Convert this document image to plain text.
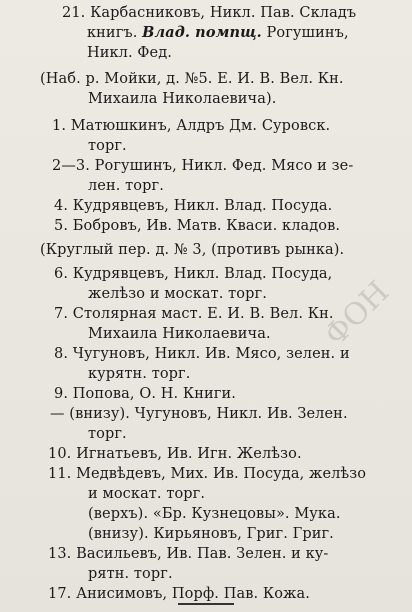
21. Карбасниковъ, Никл. Пав. Складъ
книгъ. Влад. помпщ. Рогушинъ,
Никл. Фед.
(Наб. р. Мойки, д. №5. Е. И. В. Вел. Кн.
Михаила Николаевича).
1. Матюшкинъ, Алдръ Дм. Суровск.
торг.
2—3. Рогушинъ, Никл. Фед. Мясо и зе-
лен. торг.
4. Кудрявцевъ, Никл. Влад. Посуда.
5. Бобровъ, Ив. Матв. Кваси. кладов.
(Круглый пер. д. № 3, (противъ рынка).
6. Кудрявцевъ, Никл. Влад. Посуда,
желѣзо и москат. торг.
7. Столярная маст. Е. И. В. Вел. Кн.
Михаила Николаевича.
8. Чугуновъ, Никл. Ив. Мясо, зелен. и
курятн. торг.
9. Попова, О. Н. Книги.
— (внизу). Чугуновъ, Никл. Ив. Зелен.
торг.
10. Игнатьевъ, Ив. Игн. Желѣзо.
11. Медвѣдевъ, Мих. Ив. Посуда, желѣзо
и москат. торг.
(верхъ). «Бр. Кузнецовы». Мука.
(внизу). Кирьяновъ, Григ. Григ.
13. Васильевъ, Ив. Пав. Зелен. и ку-
рятн. торг.
17. Анисимовъ, Порф. Пав. Кожа.
ФОН
